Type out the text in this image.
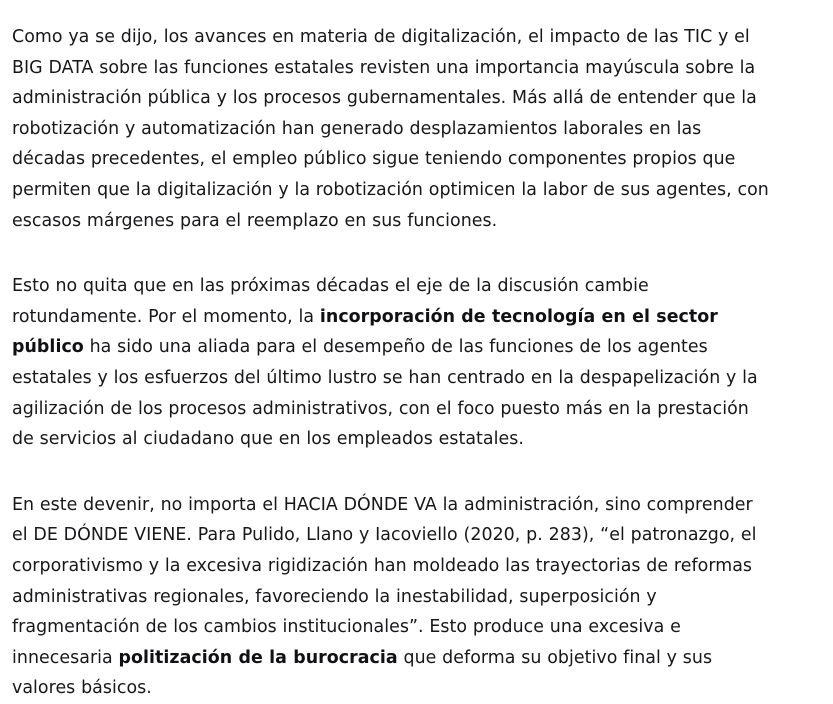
Como ya se dijo, los avances en materia de digitalización, el impacto de las TIC y el BIG DATA sobre las funciones estatales revisten una importancia mayúscula sobre la administración pública y los procesos gubernamentales. Más allá de entender que la robotización y automatización han generado desplazamientos laborales en las décadas precedentes, el empleo público sigue teniendo componentes propios que permiten que la digitalización y la robotización optimicen la labor de sus agentes, con escasos márgenes para el reemplazo en sus funciones.

Esto no quita que en las próximas décadas el eje de la discusión cambie rotundamente. Por el momento, la incorporación de tecnología en el sector público ha sido una aliada para el desempeño de las funciones de los agentes estatales y los esfuerzos del último lustro se han centrado en la despapelización y la agilización de los procesos administrativos, con el foco puesto más en la prestación de servicios al ciudadano que en los empleados estatales.

En este devenir, no importa el HACIA DÓNDE VA la administración, sino comprender el DE DÓNDE VIENE. Para Pulido, Llano y Iacoviello (2020, p. 283), “el patronazgo, el corporativismo y la excesiva rigidización han moldeado las trayectorias de reformas administrativas regionales, favoreciendo la inestabilidad, superposición y fragmentación de los cambios institucionales”. Esto produce una excesiva e innecesaria politización de la burocracia que deforma su objetivo final y sus valores básicos.
